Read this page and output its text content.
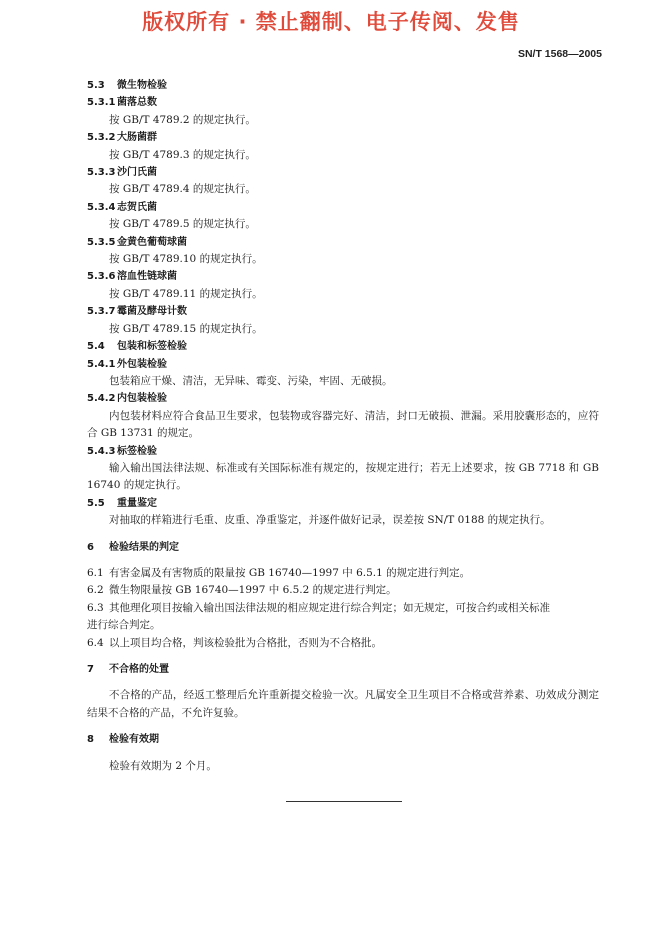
版权所有 · 禁止翻制、电子传阅、发售
SN/T 1568—2005
5.3 微生物检验
5.3.1 菌落总数
按 GB/T 4789.2 的规定执行。
5.3.2 大肠菌群
按 GB/T 4789.3 的规定执行。
5.3.3 沙门氏菌
按 GB/T 4789.4 的规定执行。
5.3.4 志贺氏菌
按 GB/T 4789.5 的规定执行。
5.3.5 金黄色葡萄球菌
按 GB/T 4789.10 的规定执行。
5.3.6 溶血性链球菌
按 GB/T 4789.11 的规定执行。
5.3.7 霉菌及酵母计数
按 GB/T 4789.15 的规定执行。
5.4 包装和标签检验
5.4.1 外包装检验
包装箱应干燥、清洁，无异味、霉变、污染，牢固、无破损。
5.4.2 内包装检验
内包装材料应符合食品卫生要求，包装物或容器完好、清洁，封口无破损、泄漏。采用胶囊形态的，应符合 GB 13731 的规定。
5.4.3 标签检验
输入输出国法律法规、标准或有关国际标准有规定的，按规定进行；若无上述要求，按 GB 7718 和 GB 16740 的规定执行。
5.5 重量鉴定
对抽取的样箱进行毛重、皮重、净重鉴定，并逐件做好记录，误差按 SN/T 0188 的规定执行。
6 检验结果的判定
6.1 有害金属及有害物质的限量按 GB 16740—1997 中 6.5.1 的规定进行判定。
6.2 微生物限量按 GB 16740—1997 中 6.5.2 的规定进行判定。
6.3 其他理化项目按输入输出国法律法规的相应规定进行综合判定；如无规定，可按合约或相关标准
进行综合判定。
6.4 以上项目均合格，判该检验批为合格批，否则为不合格批。
7 不合格的处置
不合格的产品，经返工整理后允许重新提交检验一次。凡属安全卫生项目不合格或营养素、功效成分测定结果不合格的产品，不允许复验。
8 检验有效期
检验有效期为 2 个月。
